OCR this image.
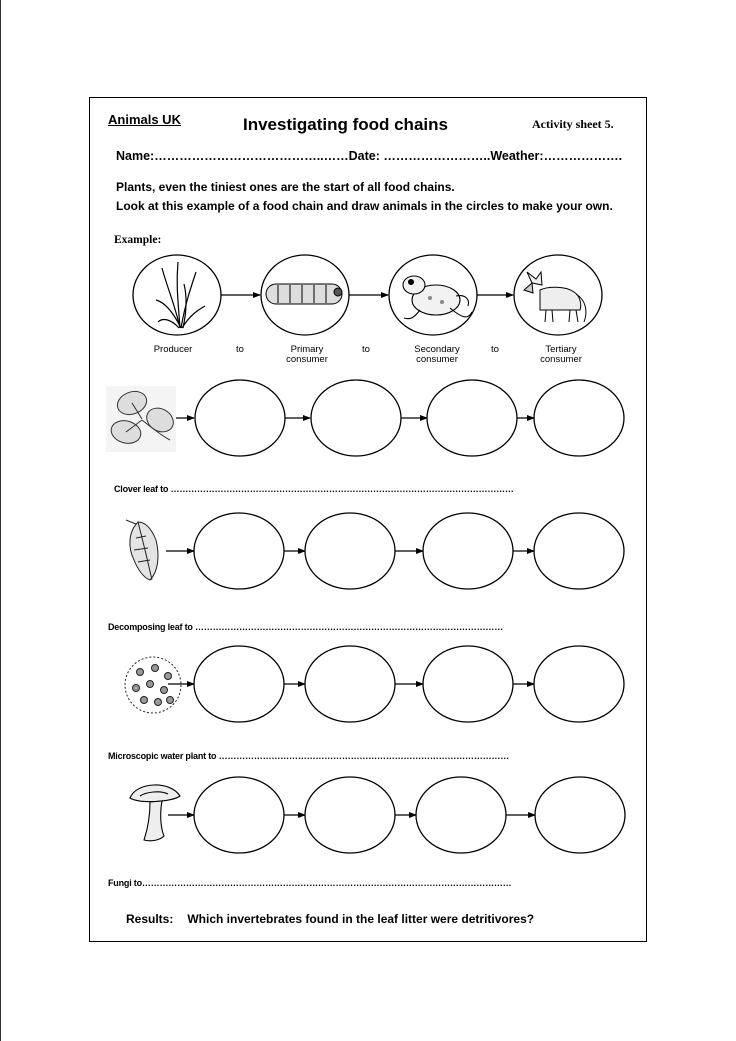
Animals UK	Investigating food chains	Activity sheet 5.
Name:…………………………………..……Date: ……………………..Weather:……………….
Plants, even the tiniest ones are the start of all food chains.
Look at this example of a food chain and draw animals in the circles to make your own.
Example:
Producer	to	Primary consumer
to	Secondary consumer
to	Tertiary consumer
Clover leaf to ………………………………………………………………………………………………………
Decomposing leaf to ……………………………………………………………………………………………
Microscopic water plant to ………………………………………………………………………………………
Fungi to………………………………………………………………………………………………………………
Results: Which invertebrates found in the leaf litter were detritivores?
